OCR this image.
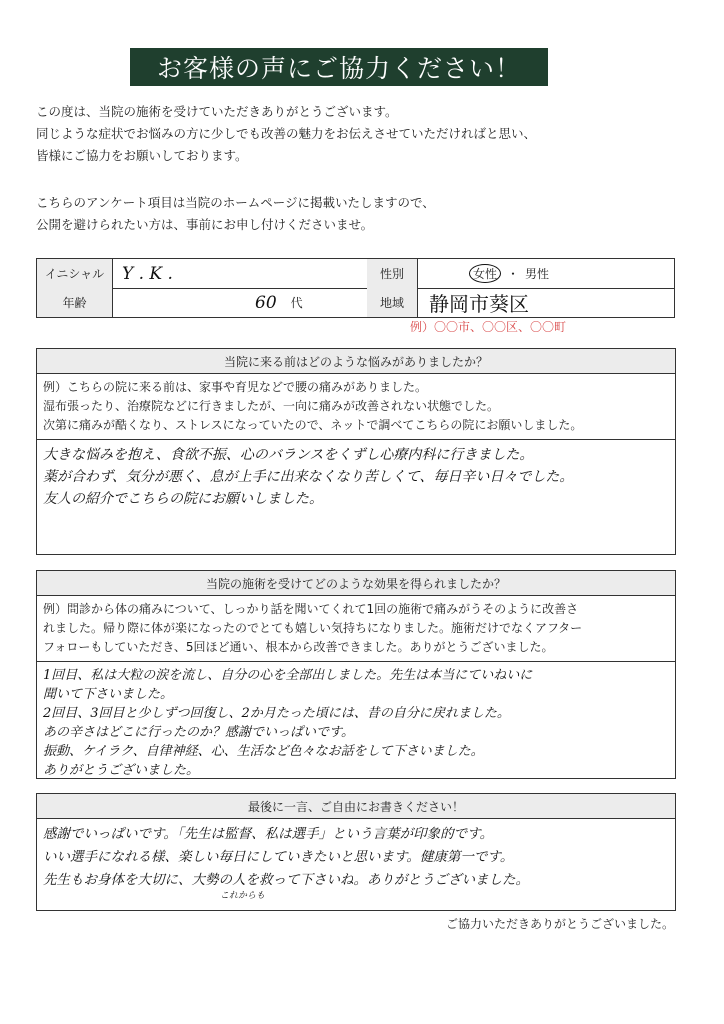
お客様の声にご協力ください！

この度は、当院の施術を受けていただきありがとうございます。

同じような症状でお悩みの方に少しでも改善の魅力をお伝えさせていただければと思い、

皆様にご協力をお願いしております。

こちらのアンケート項目は当院のホームページに掲載いたしますので、

公開を避けられたい方は、事前にお申し付けくださいませ。

イニシャル	Y . K .	性別	女性 ・ 男性
年齢	60 代	地域	静岡市葵区
例）〇〇市、〇〇区、〇〇町
当院に来る前はどのような悩みがありましたか？

例）こちらの院に来る前は、家事や育児などで腰の痛みがありました。

湿布張ったり、治療院などに行きましたが、一向に痛みが改善されない状態でした。

次第に痛みが酷くなり、ストレスになっていたので、ネットで調べてこちらの院にお願いしました。

大きな悩みを抱え、食欲不振、心のバランスをくずし心療内科に行きました。

薬が合わず、気分が悪く、息が上手に出来なくなり苦しくて、毎日辛い日々でした。

友人の紹介でこちらの院にお願いしました。

当院の施術を受けてどのような効果を得られましたか？

例）問診から体の痛みについて、しっかり話を聞いてくれて1回の施術で痛みがうそのように改善さ

れました。帰り際に体が楽になったのでとても嬉しい気持ちになりました。施術だけでなくアフター

フォローもしていただき、5回ほど通い、根本から改善できました。ありがとうございました。

1回目、私は大粒の涙を流し、自分の心を全部出しました。先生は本当にていねいに

聞いて下さいました。

2回目、3回目と少しずつ回復し、2か月たった頃には、昔の自分に戻れました。

あの辛さはどこに行ったのか？感謝でいっぱいです。

振動、ケイラク、自律神経、心、生活など色々なお話をして下さいました。

ありがとうございました。

最後に一言、ご自由にお書きください！

感謝でいっぱいです。「先生は監督、私は選手」という言葉が印象的です。

いい選手になれる様、楽しい毎日にしていきたいと思います。健康第一です。

先生もお身体を大切に、大勢の人を救って下さいね。ありがとうございました。

これからも
ご協力いただきありがとうございました。
